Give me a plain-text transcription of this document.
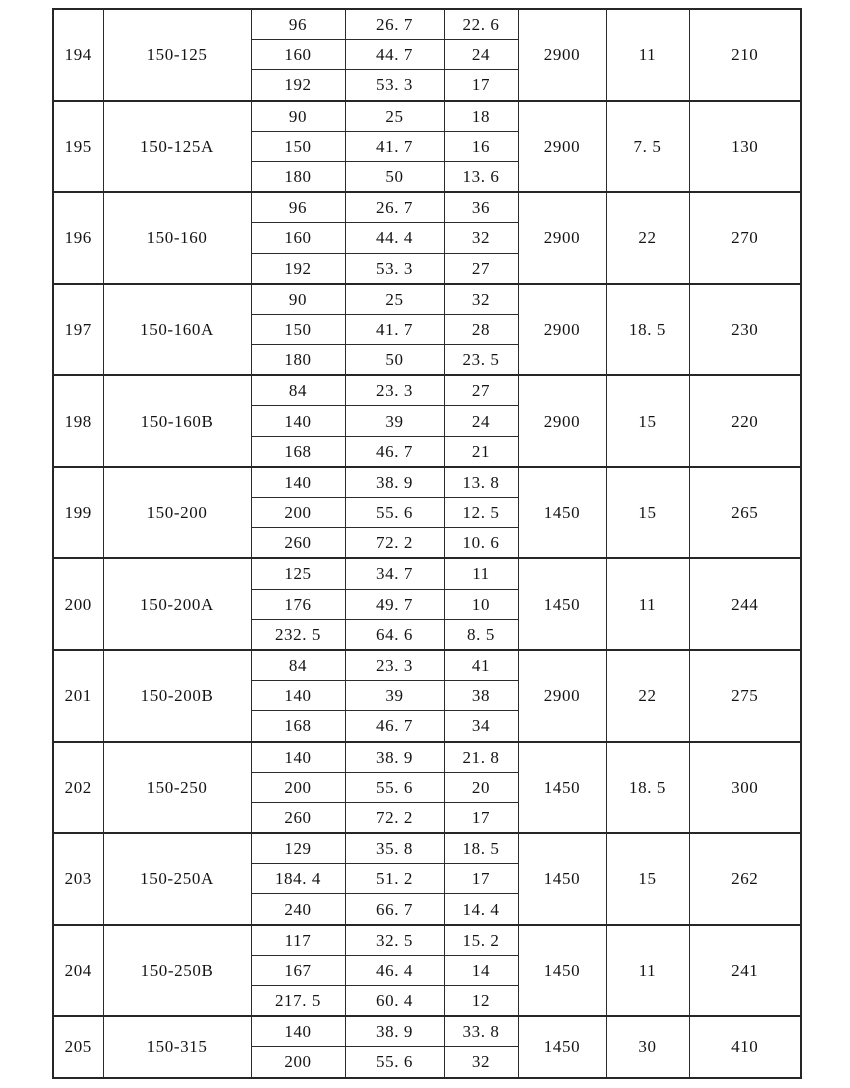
194	150-125	96	26. 7	22. 6	2900	11	210
		160	44. 7	24			
		192	53. 3	17			
195	150-125A	90	25	18	2900	7. 5	130
		150	41. 7	16			
		180	50	13. 6			
196	150-160	96	26. 7	36	2900	22	270
		160	44. 4	32			
		192	53. 3	27			
197	150-160A	90	25	32	2900	18. 5	230
		150	41. 7	28			
		180	50	23. 5			
198	150-160B	84	23. 3	27	2900	15	220
		140	39	24			
		168	46. 7	21			
199	150-200	140	38. 9	13. 8	1450	15	265
		200	55. 6	12. 5			
		260	72. 2	10. 6			
200	150-200A	125	34. 7	11	1450	11	244
		176	49. 7	10			
		232. 5	64. 6	8. 5			
201	150-200B	84	23. 3	41	2900	22	275
		140	39	38			
		168	46. 7	34			
202	150-250	140	38. 9	21. 8	1450	18. 5	300
		200	55. 6	20			
		260	72. 2	17			
203	150-250A	129	35. 8	18. 5	1450	15	262
		184. 4	51. 2	17			
		240	66. 7	14. 4			
204	150-250B	117	32. 5	15. 2	1450	11	241
		167	46. 4	14			
		217. 5	60. 4	12			
205	150-315	140	38. 9	33. 8	1450	30	410
		200	55. 6	32			
